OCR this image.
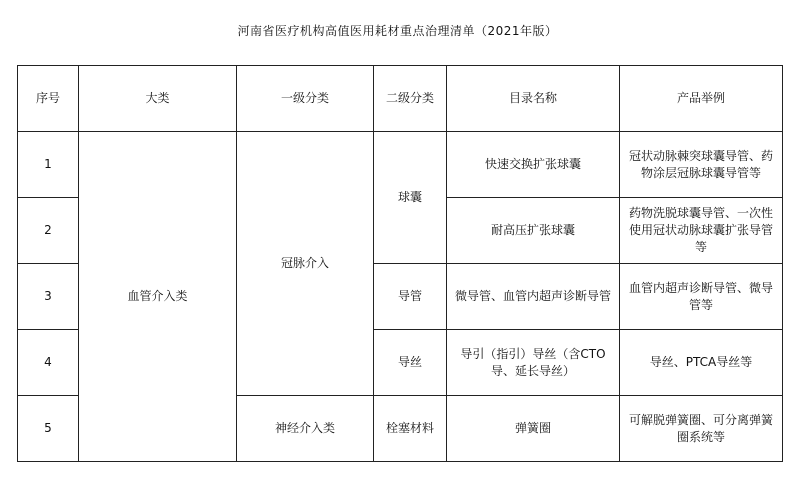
河南省医疗机构高值医用耗材重点治理清单（2021年版）
序号	大类	一级分类	二级分类	目录名称	产品举例
1	血管介入类	冠脉介入	球囊	快速交换扩张球囊	冠状动脉棘突球囊导管、药物涂层冠脉球囊导管等
2				耐高压扩张球囊	药物洗脱球囊导管、一次性使用冠状动脉球囊扩张导管等
3			导管	微导管、血管内超声诊断导管	血管内超声诊断导管、微导管等
4			导丝	导引（指引）导丝（含CTO导、延长导丝）	导丝、PTCA导丝等
5		神经介入类	栓塞材料	弹簧圈	可解脱弹簧圈、可分离弹簧圈系统等
